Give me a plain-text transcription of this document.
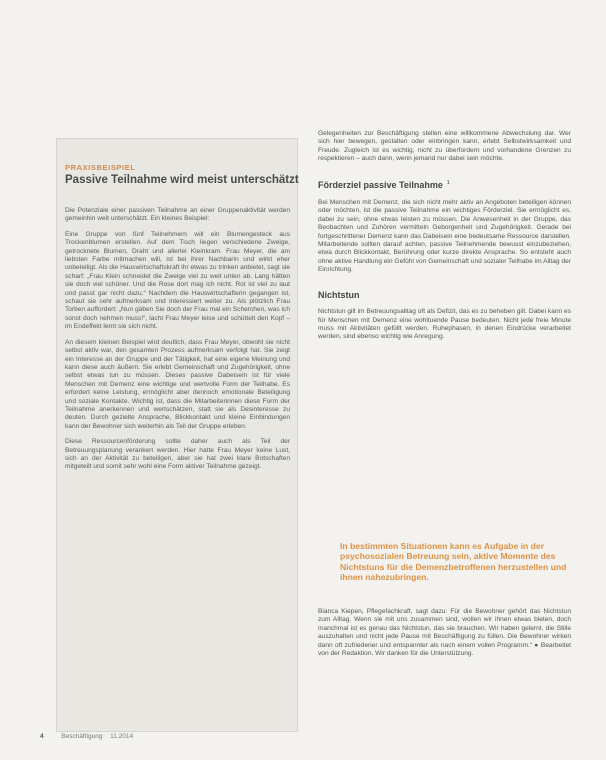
PRAXISBEISPIEL

Passive Teilnahme wird meist unterschätzt

Die Potenziale einer passiven Teilnahme an einer Gruppenaktivität werden gemeinhin weit unterschätzt. Ein kleines Beispiel:

Eine Gruppe von fünf Teilnehmern will ein Blumengesteck aus Trockenblumen erstellen. Auf dem Tisch liegen verschiedene Zweige, getrocknete Blumen, Draht und allerlei Kleinkram. Frau Meyer, die am liebsten Farbe mitmachen will, ist bei ihrer Nachbarin und wirkt eher unbeteiligt. Als die Hauswirtschaftskraft ihr etwas zu trinken anbietet, sagt sie scharf: „Frau Klein schneidet die Zweige viel zu weit unten ab. Lang hätten sie doch viel schöner. Und die Rose dort mag ich nicht. Rot ist viel zu laut und passt gar nicht dazu.“ Nachdem die Hauswirtschafterin gegangen ist, schaut sie sehr aufmerksam und interessiert weiter zu. Als plötzlich Frau Torben auffordert: „Nun gäben Sie doch der Frau mal ein Scherchen, was ich sonst doch nehmen muss!“, lacht Frau Meyer leise und schüttelt den Kopf – im Endeffekt lernt sie sich nicht.

An diesem kleinen Beispiel wird deutlich, dass Frau Meyer, obwohl sie nicht selbst aktiv war, den gesamten Prozess aufmerksam verfolgt hat. Sie zeigt ein Interesse an der Gruppe und der Tätigkeit, hat eine eigene Meinung und kann diese auch äußern. Sie erlebt Gemeinschaft und Zugehörigkeit, ohne selbst etwas tun zu müssen. Dieses passive Dabeisein ist für viele Menschen mit Demenz eine wichtige und wertvolle Form der Teilhabe. Es erfordert keine Leistung, ermöglicht aber dennoch emotionale Beteiligung und soziale Kontakte. Wichtig ist, dass die Mitarbeiterinnen diese Form der Teilnahme anerkennen und wertschätzen, statt sie als Desinteresse zu deuten. Durch gezielte Ansprache, Blickkontakt und kleine Einbindungen kann der Bewohner sich weiterhin als Teil der Gruppe erleben.

Diese Ressourcenförderung sollte daher auch als Teil der Betreuungsplanung verankert werden. Hier hatte Frau Meyer keine Lust, sich an der Aktivität zu beteiligen, aber sie hat zwei klare Botschaften mitgeteilt und somit sehr wohl eine Form aktiver Teilnahme gezeigt.

Gelegenheiten zur Beschäftigung stellen eine willkommene Abwechslung dar. Wer sich hier bewegen, gestalten oder einbringen kann, erlebt Selbstwirksamkeit und Freude. Zugleich ist es wichtig, nicht zu überfordern und vorhandene Grenzen zu respektieren – auch dann, wenn jemand nur dabei sein möchte.

Förderziel passive Teilnahme $^1$

Bei Menschen mit Demenz, die sich nicht mehr aktiv an Angeboten beteiligen können oder möchten, ist die passive Teilnahme ein wichtiges Förderziel. Sie ermöglicht es, dabei zu sein, ohne etwas leisten zu müssen. Die Anwesenheit in der Gruppe, das Beobachten und Zuhören vermitteln Geborgenheit und Zugehörigkeit. Gerade bei fortgeschrittener Demenz kann das Dabeisein eine bedeutsame Ressource darstellen. Mitarbeitende sollten darauf achten, passive Teilnehmende bewusst einzubeziehen, etwa durch Blickkontakt, Berührung oder kurze direkte Ansprache. So entsteht auch ohne aktive Handlung ein Gefühl von Gemeinschaft und sozialer Teilhabe im Alltag der Einrichtung.

Nichtstun

Nichtstun gilt im Betreuungsalltag oft als Defizit, das es zu beheben gilt. Dabei kann es für Menschen mit Demenz eine wohltuende Pause bedeuten. Nicht jede freie Minute muss mit Aktivitäten gefüllt werden. Ruhephasen, in denen Eindrücke verarbeitet werden, sind ebenso wichtig wie Anregung.

In bestimmten Situationen kann es Aufgabe in der psychosozialen Betreuung sein, aktive Momente des Nichtstuns für die Demenzbetroffenen herzustellen und ihnen nahezubringen.

Bianca Kiepen, Pflegefachkraft, sagt dazu: Für die Bewohner gehört das Nichtstun zum Alltag. Wenn sie mit uns zusammen sind, wollen wir ihnen etwas bieten, doch manchmal ist es genau das Nichtstun, das sie brauchen. Wir haben gelernt, die Stille auszuhalten und nicht jede Pause mit Beschäftigung zu füllen. Die Bewohner wirken dann oft zufriedener und entspannter als nach einem vollen Programm.“ ● Bearbeitet von der Redaktion. Wir danken für die Unterstützung.

4	Beschäftigung 11.2014
